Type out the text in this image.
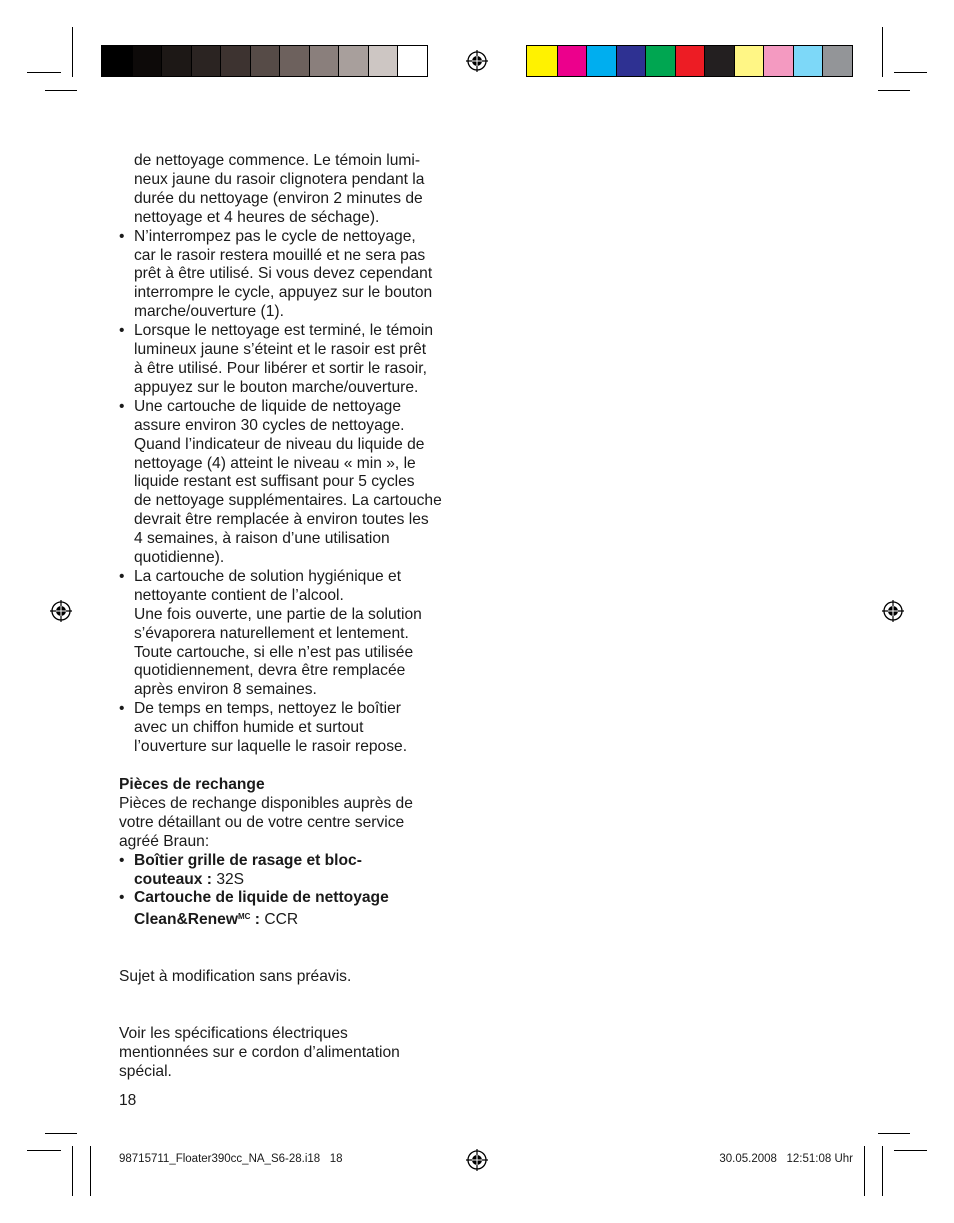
de nettoyage commence. Le témoin lumi-
neux jaune du rasoir clignotera pendant la
durée du nettoyage (environ 2 minutes de
nettoyage et 4 heures de séchage).
• N’interrompez pas le cycle de nettoyage,
car le rasoir restera mouillé et ne sera pas
prêt à être utilisé. Si vous devez cependant
interrompre le cycle, appuyez sur le bouton
marche/ouverture (1).
• Lorsque le nettoyage est terminé, le témoin
lumineux jaune s’éteint et le rasoir est prêt
à être utilisé. Pour libérer et sortir le rasoir,
appuyez sur le bouton marche/ouverture.
• Une cartouche de liquide de nettoyage
assure environ 30 cycles de nettoyage.
Quand l’indicateur de niveau du liquide de
nettoyage (4) atteint le niveau « min », le
liquide restant est suffisant pour 5 cycles
de nettoyage supplémentaires. La cartouche
devrait être remplacée à environ toutes les
4 semaines, à raison d’une utilisation
quotidienne).
• La cartouche de solution hygiénique et
nettoyante contient de l’alcool.
Une fois ouverte, une partie de la solution
s’évaporera naturellement et lentement.
Toute cartouche, si elle n’est pas utilisée
quotidiennement, devra être remplacée
après environ 8 semaines.
• De temps en temps, nettoyez le boîtier
avec un chiffon humide et surtout
l’ouverture sur laquelle le rasoir repose.

Pièces de rechange

Pièces de rechange disponibles auprès de
votre détaillant ou de votre centre service
agréé Braun:
• Boîtier grille de rasage et bloc-
couteaux : 32S
• Cartouche de liquide de nettoyage
Clean&Renew$^{MC}$ : CCR

Sujet à modification sans préavis.

Voir les spécifications électriques
mentionnées sur e cordon d’alimentation
spécial.
18
98715711_Floater390cc_NA_S6-28.i18   18	30.05.2008   12:51:08 Uhr
